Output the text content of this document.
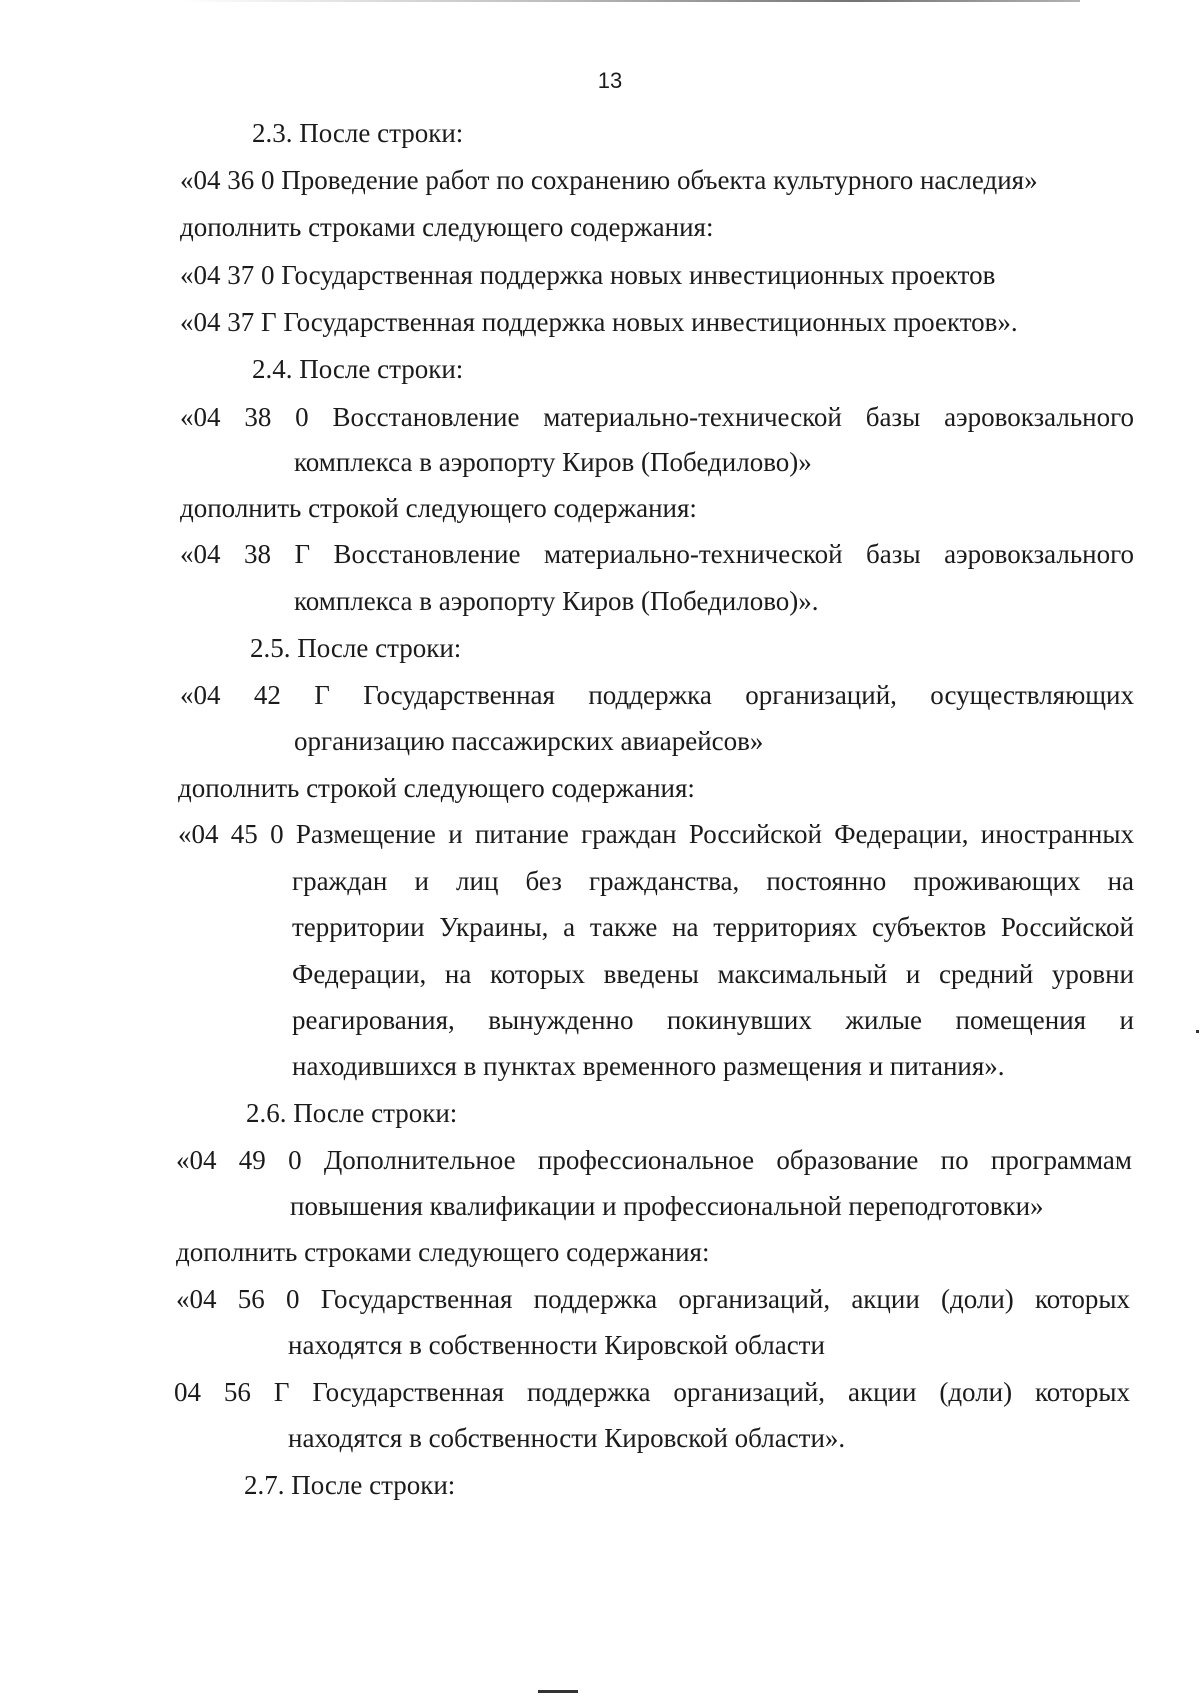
13
2.3. После строки:
«04 36 0 Проведение работ по сохранению объекта культурного наследия»
дополнить строками следующего содержания:
«04 37 0 Государственная поддержка новых инвестиционных проектов
«04 37 Г Государственная поддержка новых инвестиционных проектов».
2.4. После строки:
«04 38 0 Восстановление материально-технической базы аэровокзального
комплекса в аэропорту Киров (Победилово)»
дополнить строкой следующего содержания:
«04 38 Г Восстановление материально-технической базы аэровокзального
комплекса в аэропорту Киров (Победилово)».
2.5. После строки:
«04 42 Г Государственная поддержка организаций, осуществляющих
организацию пассажирских авиарейсов»
дополнить строкой следующего содержания:
«04 45 0 Размещение и питание граждан Российской Федерации, иностранных
граждан и лиц без гражданства, постоянно проживающих на
территории Украины, а также на территориях субъектов Российской
Федерации, на которых введены максимальный и средний уровни
реагирования, вынужденно покинувших жилые помещения и
находившихся в пунктах временного размещения и питания».
2.6. После строки:
«04 49 0 Дополнительное профессиональное образование по программам
повышения квалификации и профессиональной переподготовки»
дополнить строками следующего содержания:
«04 56 0 Государственная поддержка организаций, акции (доли) которых
находятся в собственности Кировской области
04 56 Г Государственная поддержка организаций, акции (доли) которых
находятся в собственности Кировской области».
2.7. После строки:
